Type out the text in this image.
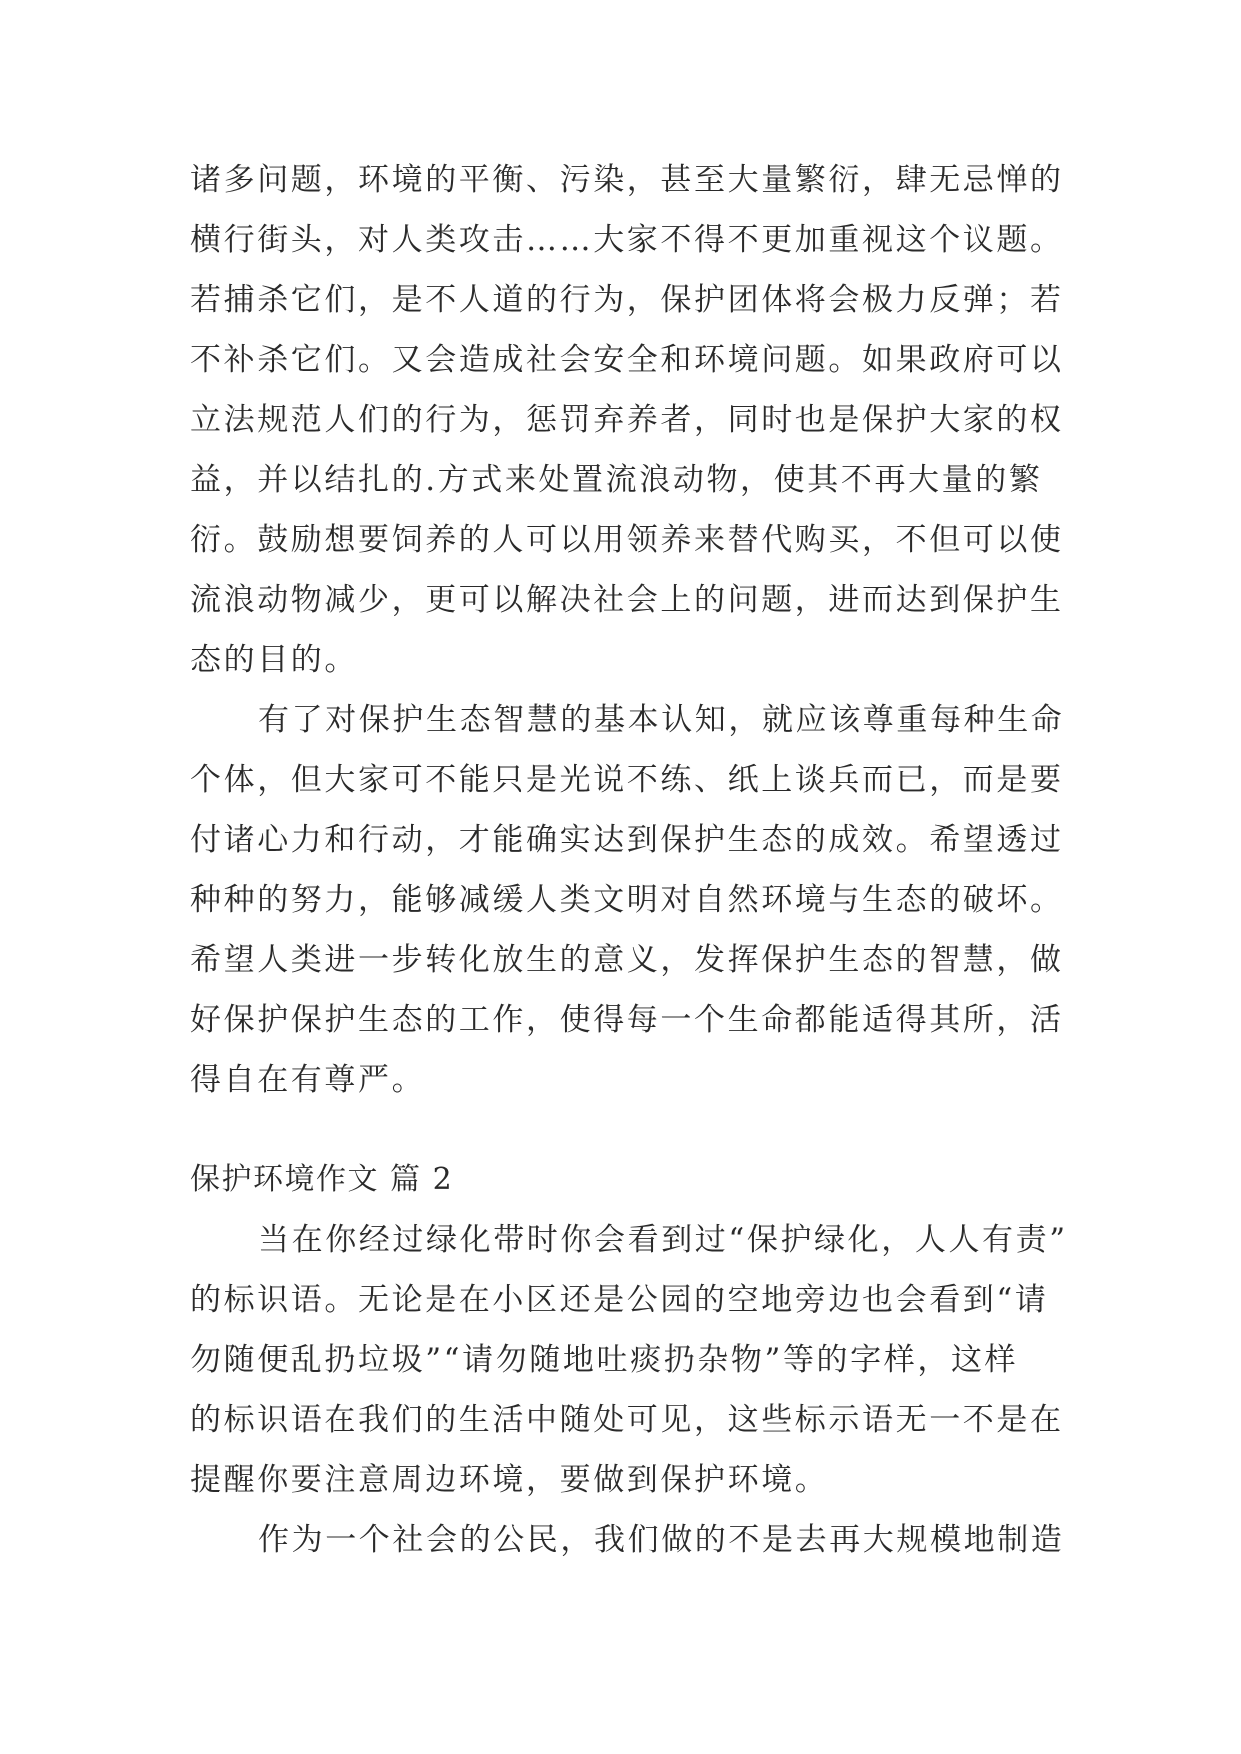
诸多问题，环境的平衡、污染，甚至大量繁衍，肆无忌惮的
横行街头，对人类攻击……大家不得不更加重视这个议题。
若捕杀它们，是不人道的行为，保护团体将会极力反弹；若
不补杀它们。又会造成社会安全和环境问题。如果政府可以
立法规范人们的行为，惩罚弃养者，同时也是保护大家的权
益，并以结扎的.方式来处置流浪动物，使其不再大量的繁
衍。鼓励想要饲养的人可以用领养来替代购买，不但可以使
流浪动物减少，更可以解决社会上的问题，进而达到保护生
态的目的。
有了对保护生态智慧的基本认知，就应该尊重每种生命
个体，但大家可不能只是光说不练、纸上谈兵而已，而是要
付诸心力和行动，才能确实达到保护生态的成效。希望透过
种种的努力，能够减缓人类文明对自然环境与生态的破坏。
希望人类进一步转化放生的意义，发挥保护生态的智慧，做
好保护保护生态的工作，使得每一个生命都能适得其所，活
得自在有尊严。
保护环境作文 篇 2
当在你经过绿化带时你会看到过“保护绿化，人人有责”
的标识语。无论是在小区还是公园的空地旁边也会看到“请
勿随便乱扔垃圾”“请勿随地吐痰扔杂物”等的字样，这样
的标识语在我们的生活中随处可见，这些标示语无一不是在
提醒你要注意周边环境，要做到保护环境。
作为一个社会的公民，我们做的不是去再大规模地制造
